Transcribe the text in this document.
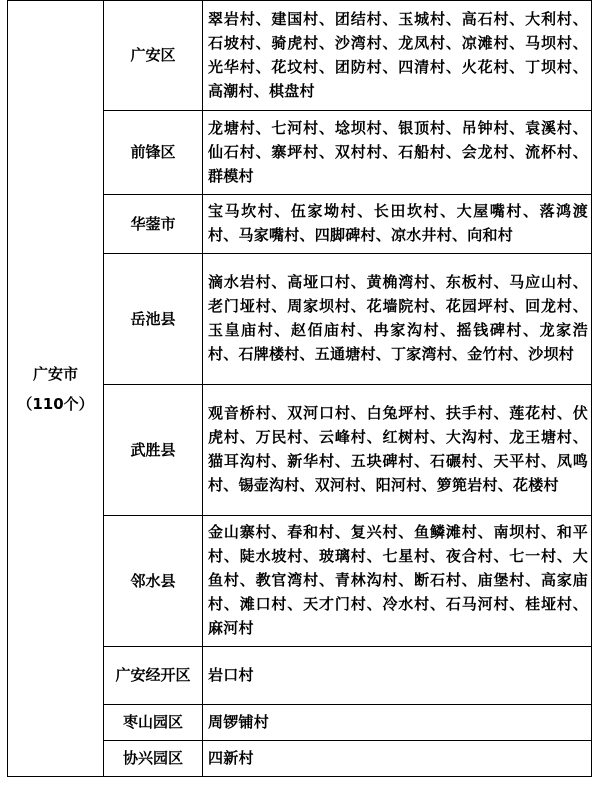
广安市
（110个）	广安区	翠岩村、建国村、团结村、玉城村、高石村、大利村、石坡村、骑虎村、沙湾村、龙凤村、凉滩村、马坝村、光华村、花坟村、团防村、四清村、火花村、丁坝村、高潮村、棋盘村
	前锋区	龙塘村、七河村、埝坝村、银顶村、吊钟村、袁溪村、仙石村、寨坪村、双村村、石船村、会龙村、流杯村、群模村
	华蓥市	宝马坎村、伍家坳村、长田坎村、大屋嘴村、落鸿渡村、马家嘴村、四脚碑村、凉水井村、向和村
	岳池县	滴水岩村、高垭口村、黄桷湾村、东板村、马应山村、老门垭村、周家坝村、花墙院村、花园坪村、回龙村、玉皇庙村、赵佰庙村、冉家沟村、摇钱碑村、龙家浩村、石牌楼村、五通塘村、丁家湾村、金竹村、沙坝村
	武胜县	观音桥村、双河口村、白兔坪村、扶手村、莲花村、伏虎村、万民村、云峰村、红树村、大沟村、龙王塘村、猫耳沟村、新华村、五块碑村、石碾村、天平村、凤鸣村、锡壶沟村、双河村、阳河村、箩篼岩村、花楼村
	邻水县	金山寨村、春和村、复兴村、鱼鳞滩村、南坝村、和平村、陡水坡村、玻璃村、七星村、夜合村、七一村、大鱼村、教官湾村、青林沟村、断石村、庙堡村、高家庙村、滩口村、天才门村、冷水村、石马河村、桂垭村、麻河村
	广安经开区	岩口村
	枣山园区	周锣铺村
	协兴园区	四新村
